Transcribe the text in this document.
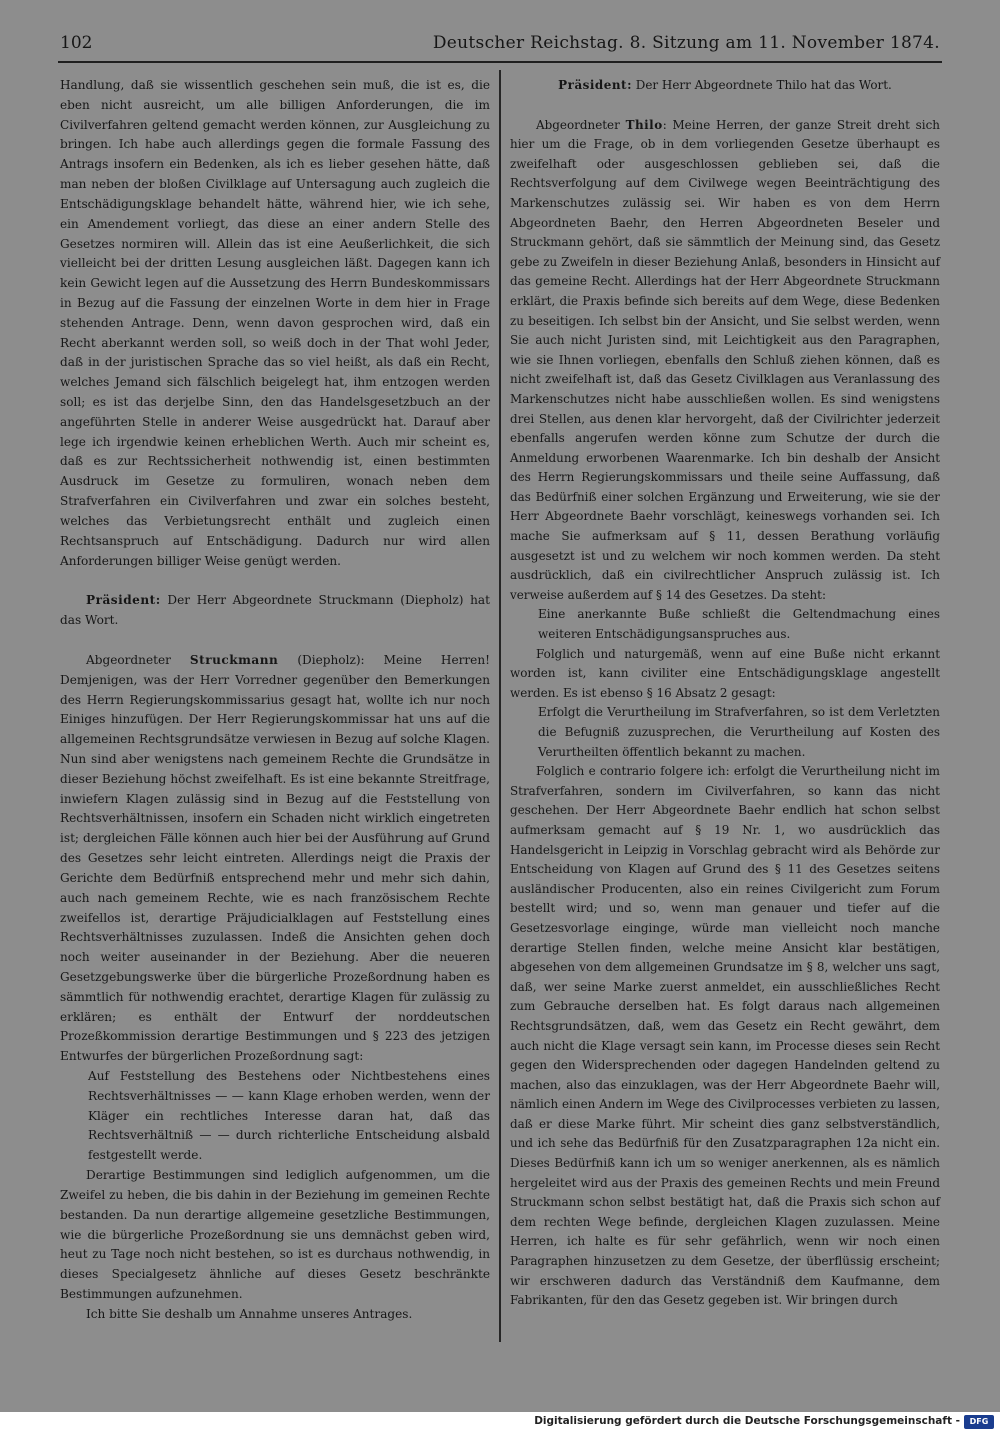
102	Deutscher Reichstag. 8. Sitzung am 11. November 1874.

Handlung, daß sie wissentlich geschehen sein muß, die ist es, die eben nicht ausreicht, um alle billigen Anforderungen, die im Civilverfahren geltend gemacht werden können, zur Ausgleichung zu bringen. Ich habe auch allerdings gegen die formale Fassung des Antrags insofern ein Bedenken, als ich es lieber gesehen hätte, daß man neben der bloßen Civilklage auf Untersagung auch zugleich die Entschädigungsklage behandelt hätte, während hier, wie ich sehe, ein Amendement vorliegt, das diese an einer andern Stelle des Gesetzes normiren will. Allein das ist eine Aeußerlichkeit, die sich vielleicht bei der dritten Lesung ausgleichen läßt. Dagegen kann ich kein Gewicht legen auf die Aussetzung des Herrn Bundeskommissars in Bezug auf die Fassung der einzelnen Worte in dem hier in Frage stehenden Antrage. Denn, wenn davon gesprochen wird, daß ein Recht aberkannt werden soll, so weiß doch in der That wohl Jeder, daß in der juristischen Sprache das so viel heißt, als daß ein Recht, welches Jemand sich fälschlich beigelegt hat, ihm entzogen werden soll; es ist das derjelbe Sinn, den das Handelsgesetzbuch an der angeführten Stelle in anderer Weise ausgedrückt hat. Darauf aber lege ich irgendwie keinen erheblichen Werth. Auch mir scheint es, daß es zur Rechtssicherheit nothwendig ist, einen bestimmten Ausdruck im Gesetze zu formuliren, wonach neben dem Strafverfahren ein Civilverfahren und zwar ein solches besteht, welches das Verbietungsrecht enthält und zugleich einen Rechtsanspruch auf Entschädigung. Dadurch nur wird allen Anforderungen billiger Weise genügt werden.

Präsident: Der Herr Abgeordnete Struckmann (Diepholz) hat das Wort.

Abgeordneter Struckmann (Diepholz): Meine Herren! Demjenigen, was der Herr Vorredner gegenüber den Bemerkungen des Herrn Regierungskommissarius gesagt hat, wollte ich nur noch Einiges hinzufügen. Der Herr Regierungskommissar hat uns auf die allgemeinen Rechtsgrundsätze verwiesen in Bezug auf solche Klagen. Nun sind aber wenigstens nach gemeinem Rechte die Grundsätze in dieser Beziehung höchst zweifelhaft. Es ist eine bekannte Streitfrage, inwiefern Klagen zulässig sind in Bezug auf die Feststellung von Rechtsverhältnissen, insofern ein Schaden nicht wirklich eingetreten ist; dergleichen Fälle können auch hier bei der Ausführung auf Grund des Gesetzes sehr leicht eintreten. Allerdings neigt die Praxis der Gerichte dem Bedürfniß entsprechend mehr und mehr sich dahin, auch nach gemeinem Rechte, wie es nach französischem Rechte zweifellos ist, derartige Präjudicialklagen auf Feststellung eines Rechtsverhältnisses zuzulassen. Indeß die Ansichten gehen doch noch weiter auseinander in der Beziehung. Aber die neueren Gesetzgebungswerke über die bürgerliche Prozeßordnung haben es sämmtlich für nothwendig erachtet, derartige Klagen für zulässig zu erklären; es enthält der Entwurf der norddeutschen Prozeßkommission derartige Bestimmungen und § 223 des jetzigen Entwurfes der bürgerlichen Prozeßordnung sagt:

Auf Feststellung des Bestehens oder Nichtbestehens eines Rechtsverhältnisses — — kann Klage erhoben werden, wenn der Kläger ein rechtliches Interesse daran hat, daß das Rechtsverhältniß — — durch richterliche Entscheidung alsbald festgestellt werde.

Derartige Bestimmungen sind lediglich aufgenommen, um die Zweifel zu heben, die bis dahin in der Beziehung im gemeinen Rechte bestanden. Da nun derartige allgemeine gesetzliche Bestimmungen, wie die bürgerliche Prozeßordnung sie uns demnächst geben wird, heut zu Tage noch nicht bestehen, so ist es durchaus nothwendig, in dieses Specialgesetz ähnliche auf dieses Gesetz beschränkte Bestimmungen aufzunehmen.

Ich bitte Sie deshalb um Annahme unseres Antrages.

Präsident: Der Herr Abgeordnete Thilo hat das Wort.

Abgeordneter Thilo: Meine Herren, der ganze Streit dreht sich hier um die Frage, ob in dem vorliegenden Gesetze überhaupt es zweifelhaft oder ausgeschlossen geblieben sei, daß die Rechtsverfolgung auf dem Civilwege wegen Beeinträchtigung des Markenschutzes zulässig sei. Wir haben es von dem Herrn Abgeordneten Baehr, den Herren Abgeordneten Beseler und Struckmann gehört, daß sie sämmtlich der Meinung sind, das Gesetz gebe zu Zweifeln in dieser Beziehung Anlaß, besonders in Hinsicht auf das gemeine Recht. Allerdings hat der Herr Abgeordnete Struckmann erklärt, die Praxis befinde sich bereits auf dem Wege, diese Bedenken zu beseitigen. Ich selbst bin der Ansicht, und Sie selbst werden, wenn Sie auch nicht Juristen sind, mit Leichtigkeit aus den Paragraphen, wie sie Ihnen vorliegen, ebenfalls den Schluß ziehen können, daß es nicht zweifelhaft ist, daß das Gesetz Civilklagen aus Veranlassung des Markenschutzes nicht habe ausschließen wollen. Es sind wenigstens drei Stellen, aus denen klar hervorgeht, daß der Civilrichter jederzeit ebenfalls angerufen werden könne zum Schutze der durch die Anmeldung erworbenen Waarenmarke. Ich bin deshalb der Ansicht des Herrn Regierungskommissars und theile seine Auffassung, daß das Bedürfniß einer solchen Ergänzung und Erweiterung, wie sie der Herr Abgeordnete Baehr vorschlägt, keineswegs vorhanden sei. Ich mache Sie aufmerksam auf § 11, dessen Berathung vorläufig ausgesetzt ist und zu welchem wir noch kommen werden. Da steht ausdrücklich, daß ein civilrechtlicher Anspruch zulässig ist. Ich verweise außerdem auf § 14 des Gesetzes. Da steht:

Eine anerkannte Buße schließt die Geltendmachung eines weiteren Entschädigungsanspruches aus.

Folglich und naturgemäß, wenn auf eine Buße nicht erkannt worden ist, kann civiliter eine Entschädigungsklage angestellt werden. Es ist ebenso § 16 Absatz 2 gesagt:

Erfolgt die Verurtheilung im Strafverfahren, so ist dem Verletzten die Befugniß zuzusprechen, die Verurtheilung auf Kosten des Verurtheilten öffentlich bekannt zu machen.

Folglich e contrario folgere ich: erfolgt die Verurtheilung nicht im Strafverfahren, sondern im Civilverfahren, so kann das nicht geschehen. Der Herr Abgeordnete Baehr endlich hat schon selbst aufmerksam gemacht auf § 19 Nr. 1, wo ausdrücklich das Handelsgericht in Leipzig in Vorschlag gebracht wird als Behörde zur Entscheidung von Klagen auf Grund des § 11 des Gesetzes seitens ausländischer Producenten, also ein reines Civilgericht zum Forum bestellt wird; und so, wenn man genauer und tiefer auf die Gesetzesvorlage einginge, würde man vielleicht noch manche derartige Stellen finden, welche meine Ansicht klar bestätigen, abgesehen von dem allgemeinen Grundsatze im § 8, welcher uns sagt, daß, wer seine Marke zuerst anmeldet, ein ausschließliches Recht zum Gebrauche derselben hat. Es folgt daraus nach allgemeinen Rechtsgrundsätzen, daß, wem das Gesetz ein Recht gewährt, dem auch nicht die Klage versagt sein kann, im Processe dieses sein Recht gegen den Widersprechenden oder dagegen Handelnden geltend zu machen, also das einzuklagen, was der Herr Abgeordnete Baehr will, nämlich einen Andern im Wege des Civilprocesses verbieten zu lassen, daß er diese Marke führt. Mir scheint dies ganz selbstverständlich, und ich sehe das Bedürfniß für den Zusatzparagraphen 12a nicht ein. Dieses Bedürfniß kann ich um so weniger anerkennen, als es nämlich hergeleitet wird aus der Praxis des gemeinen Rechts und mein Freund Struckmann schon selbst bestätigt hat, daß die Praxis sich schon auf dem rechten Wege befinde, dergleichen Klagen zuzulassen. Meine Herren, ich halte es für sehr gefährlich, wenn wir noch einen Paragraphen hinzusetzen zu dem Gesetze, der überflüssig erscheint; wir erschweren dadurch das Verständniß dem Kaufmanne, dem Fabrikanten, für den das Gesetz gegeben ist. Wir bringen durch

Digitalisierung gefördert durch die Deutsche Forschungsgemeinschaft -	DFG
